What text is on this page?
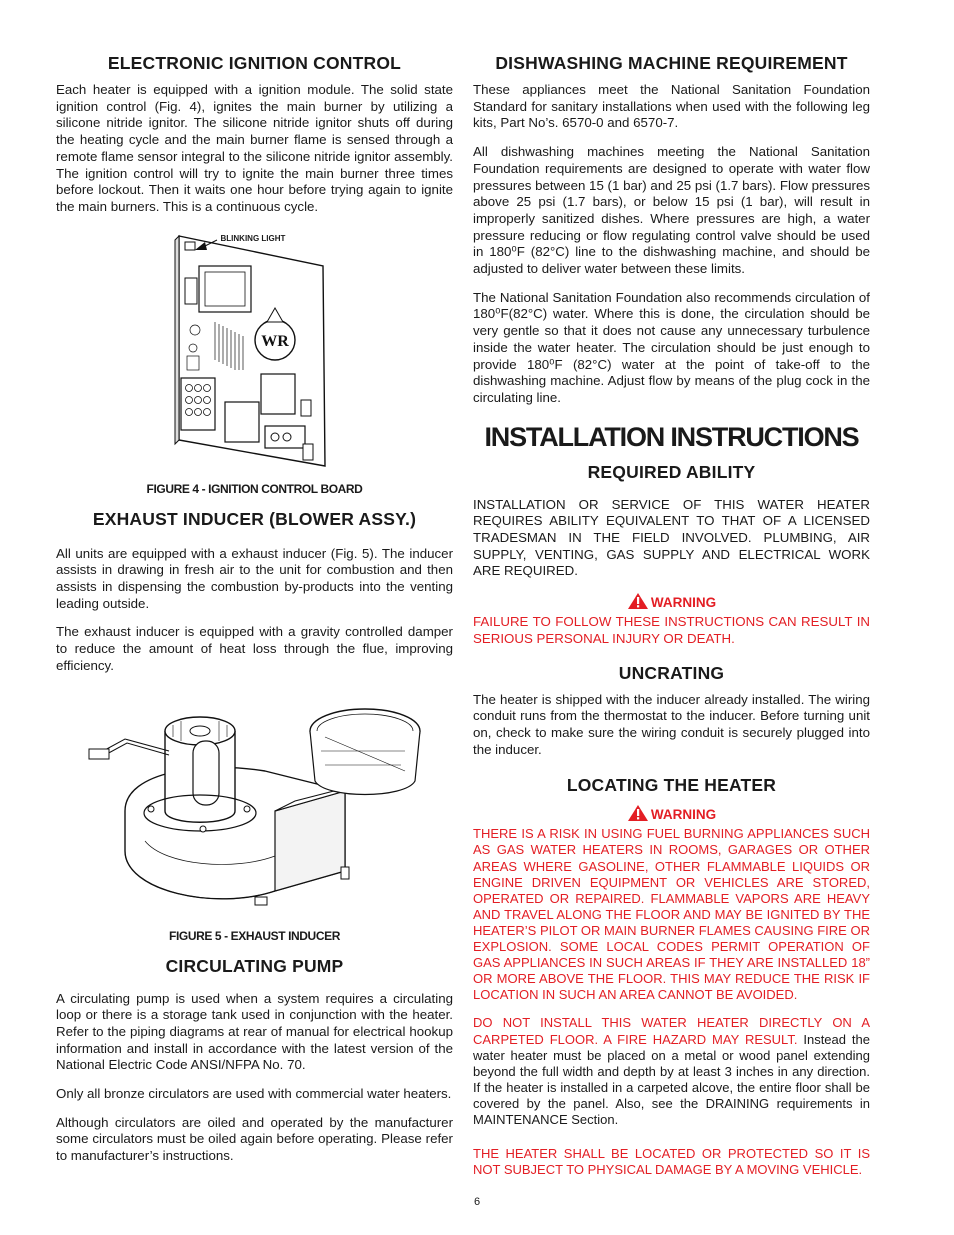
ELECTRONIC IGNITION CONTROL

Each heater is equipped with a ignition module. The solid state ignition control (Fig. 4), ignites the main burner by utilizing a silicone nitride ignitor. The silicone nitride ignitor shuts off during the heating cycle and the main burner flame is sensed through a remote flame sensor integral to the silicone nitride ignitor assembly. The ignition control will try to ignite the main burner three times before lockout. Then it waits one hour before trying again to ignite the main burners. This is a continuous cycle.

WR
BLINKING LIGHT
FIGURE 4 - IGNITION CONTROL BOARD
EXHAUST INDUCER (BLOWER ASSY.)

All units are equipped with a exhaust inducer (Fig. 5). The inducer assists in drawing in fresh air to the unit for combustion and then assists in dispensing the combustion by-products into the venting leading outside.

The exhaust inducer is equipped with a gravity controlled damper to reduce the amount of heat loss through the flue, improving efficiency.

FIGURE 5 - EXHAUST INDUCER
CIRCULATING PUMP

A circulating pump is used when a system requires a circulating loop or there is a storage tank used in conjunction with the heater. Refer to the piping diagrams at rear of manual for electrical hookup information and install in accordance with the latest version of the National Electric Code ANSI/NFPA No. 70.

Only all bronze circulators are used with commercial water heaters.

Although circulators are oiled and operated by the manufacturer some circulators must be oiled again before operating. Please refer to manufacturer’s instructions.

DISHWASHING MACHINE REQUIREMENT

These appliances meet the National Sanitation Foundation Standard for sanitary installations when used with the following leg kits, Part No’s. 6570-0 and 6570-7.

All dishwashing machines meeting the National Sanitation Foundation requirements are designed to operate with water flow pressures between 15 (1 bar) and 25 psi (1.7 bars). Flow pressures above 25 psi (1.7 bars), or below 15 psi (1 bar), will result in improperly sanitized dishes. Where pressures are high, a water pressure reducing or flow regulating control valve should be used in 180⁰F (82°C) line to the dishwashing machine, and should be adjusted to deliver water between these limits.

The National Sanitation Foundation also recommends circulation of 180⁰F(82°C) water. Where this is done, the circulation should be very gentle so that it does not cause any unnecessary turbulence inside the water heater. The circulation should be just enough to provide 180⁰F (82°C) water at the point of take-off to the dishwashing machine. Adjust flow by means of the plug cock in the circulating line.

INSTALLATION INSTRUCTIONS
REQUIRED ABILITY

INSTALLATION OR SERVICE OF THIS WATER HEATER REQUIRES ABILITY EQUIVALENT TO THAT OF A LICENSED TRADESMAN IN THE FIELD INVOLVED. PLUMBING, AIR SUPPLY, VENTING, GAS SUPPLY AND ELECTRICAL WORK ARE REQUIRED.

WARNING

FAILURE TO FOLLOW THESE INSTRUCTIONS CAN RESULT IN SERIOUS PERSONAL INJURY OR DEATH.

UNCRATING

The heater is shipped with the inducer already installed. The wiring conduit runs from the thermostat to the inducer. Before turning unit on, check to make sure the wiring conduit is securely plugged into the inducer.

LOCATING THE HEATER
WARNING

THERE IS A RISK IN USING FUEL BURNING APPLIANCES SUCH AS GAS WATER HEATERS IN ROOMS, GARAGES OR OTHER AREAS WHERE GASOLINE, OTHER FLAMMABLE LIQUIDS OR ENGINE DRIVEN EQUIPMENT OR VEHICLES ARE STORED, OPERATED OR REPAIRED. FLAMMABLE VAPORS ARE HEAVY AND TRAVEL ALONG THE FLOOR AND MAY BE IGNITED BY THE HEATER’S PILOT OR MAIN BURNER FLAMES CAUSING FIRE OR EXPLOSION. SOME LOCAL CODES PERMIT OPERATION OF GAS APPLIANCES IN SUCH AREAS IF THEY ARE INSTALLED 18” OR MORE ABOVE THE FLOOR. THIS MAY REDUCE THE RISK IF LOCATION IN SUCH AN AREA CANNOT BE AVOIDED.

DO NOT INSTALL THIS WATER HEATER DIRECTLY ON A CARPETED FLOOR. A FIRE HAZARD MAY RESULT. Instead the water heater must be placed on a metal or wood panel extending beyond the full width and depth by at least 3 inches in any direction. If the heater is installed in a carpeted alcove, the entire floor shall be covered by the panel. Also, see the DRAINING requirements in MAINTENANCE Section.

THE HEATER SHALL BE LOCATED OR PROTECTED SO IT IS NOT SUBJECT TO PHYSICAL DAMAGE BY A MOVING VEHICLE.

6
